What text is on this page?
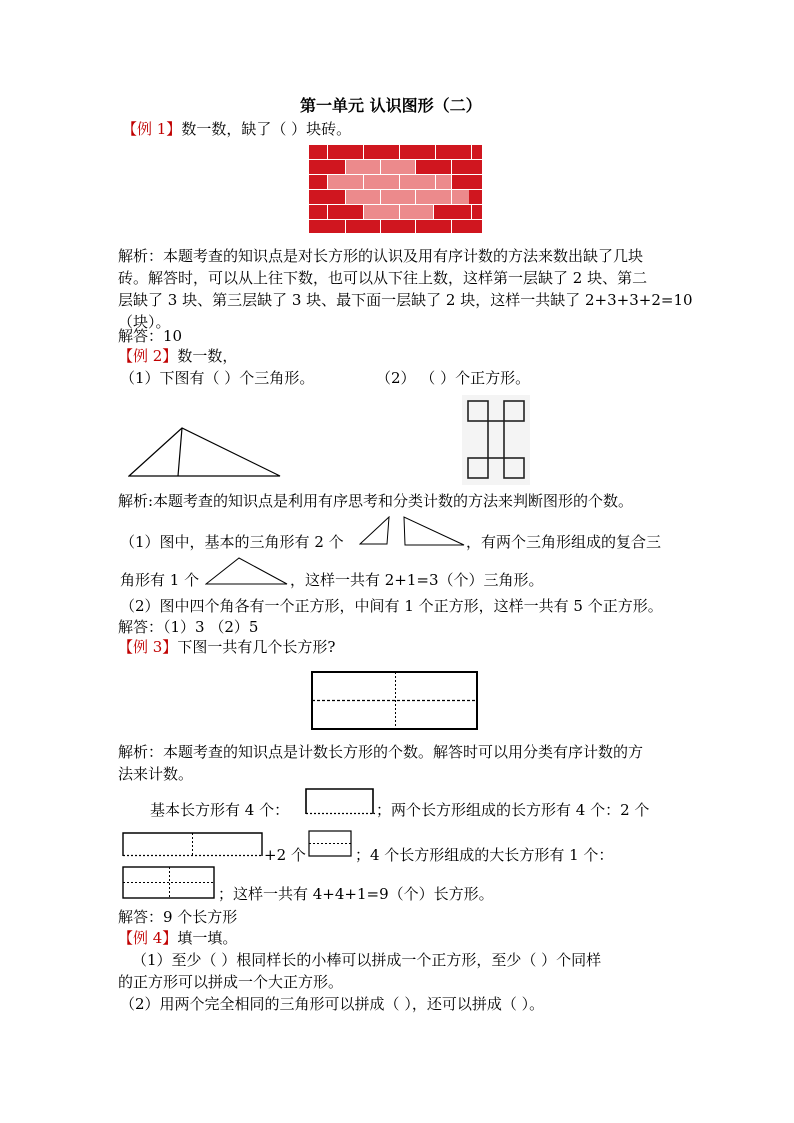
第一单元 认识图形（二）
【例 1】数一数，缺了（ ）块砖。
解析：本题考查的知识点是对长方形的认识及用有序计数的方法来数出缺了几块
砖。解答时，可以从上往下数，也可以从下往上数，这样第一层缺了 2 块、第二
层缺了 3 块、第三层缺了 3 块、最下面一层缺了 2 块，这样一共缺了 2+3+3+2=10
（块）。
解答：10
【例 2】数一数，
（1）下图有（ ）个三角形。	（2） （ ）个正方形。
解析:本题考查的知识点是利用有序思考和分类计数的方法来判断图形的个数。
（1）图中，基本的三角形有 2 个	，有两个三角形组成的复合三
角形有 1 个	，这样一共有 2+1=3（个）三角形。
（2）图中四个角各有一个正方形，中间有 1 个正方形，这样一共有 5 个正方形。
解答：（1）3 （2）5
【例 3】下图一共有几个长方形?
解析：本题考查的知识点是计数长方形的个数。解答时可以用分类有序计数的方
法来计数。
基本长方形有 4 个：	；两个长方形组成的长方形有 4 个：2 个
+2 个	；4 个长方形组成的大长方形有 1 个：
；这样一共有 4+4+1=9（个）长方形。
解答：9 个长方形
【例 4】填一填。
（1）至少（ ）根同样长的小棒可以拼成一个正方形，至少（ ）个同样
的正方形可以拼成一个大正方形。
（2）用两个完全相同的三角形可以拼成（ ），还可以拼成（ ）。
